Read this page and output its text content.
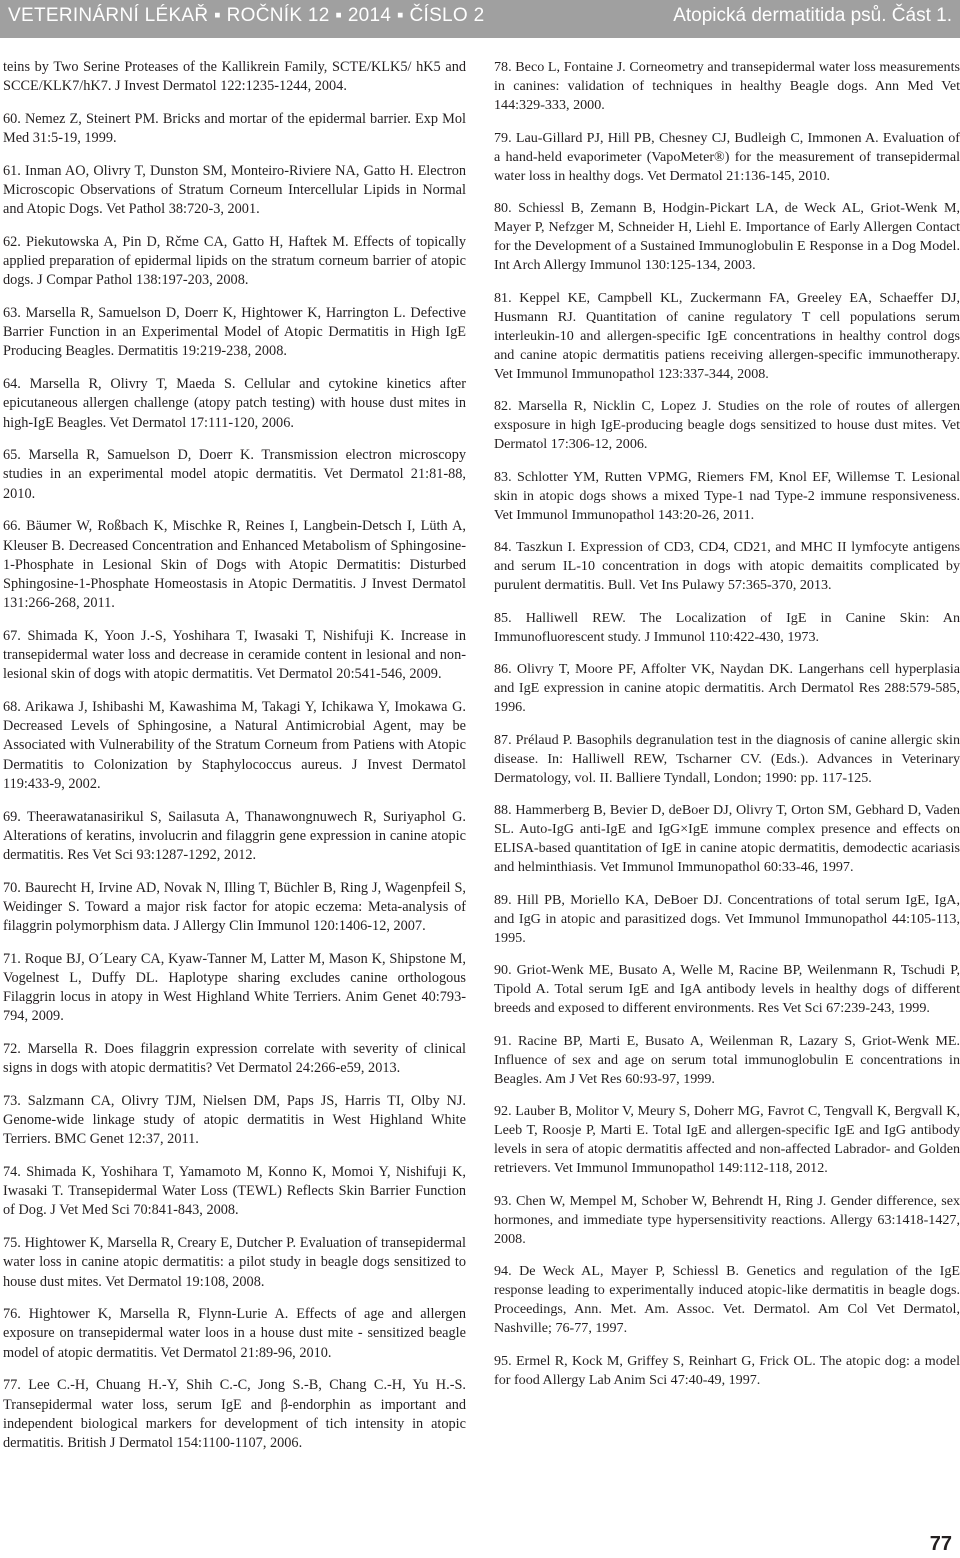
VETERINÁRNÍ LÉKAŘ ▪ ROČNÍK 12 ▪ 2014 ▪ ČÍSLO 2	Atopická dermatitida psů. Část 1.

teins by Two Serine Proteases of the Kallikrein Family, SCTE/KLK5/ hK5 and SCCE/KLK7/hK7. J Invest Dermatol 122:1235-1244, 2004.

60. Nemez Z, Steinert PM. Bricks and mortar of the epidermal barrier. Exp Mol Med 31:5-19, 1999.

61. Inman AO, Olivry T, Dunston SM, Monteiro-Riviere NA, Gatto H. Electron Microscopic Observations of Stratum Corneum Intercellular Lipids in Normal and Atopic Dogs. Vet Pathol 38:720-3, 2001.

62. Piekutowska A, Pin D, Rčme CA, Gatto H, Haftek M. Effects of topically applied preparation of epidermal lipids on the stratum corneum barrier of atopic dogs. J Compar Pathol 138:197-203, 2008.

63. Marsella R, Samuelson D, Doerr K, Hightower K, Harrington L. Defective Barrier Function in an Experimental Model of Atopic Dermatitis in High IgE Producing Beagles. Dermatitis 19:219-238, 2008.

64. Marsella R, Olivry T, Maeda S. Cellular and cytokine kinetics after epicutaneous allergen challenge (atopy patch testing) with house dust mites in high-IgE Beagles. Vet Dermatol 17:111-120, 2006.

65. Marsella R, Samuelson D, Doerr K. Transmission electron microscopy studies in an experimental model atopic dermatitis. Vet Dermatol 21:81-88, 2010.

66. Bäumer W, Roßbach K, Mischke R, Reines I, Langbein-Detsch I, Lüth A, Kleuser B. Decreased Concentration and Enhanced Metabolism of Sphingosine-1-Phosphate in Lesional Skin of Dogs with Atopic Dermatitis: Disturbed Sphingosine-1-Phosphate Homeostasis in Atopic Dermatitis. J Invest Dermatol 131:266-268, 2011.

67. Shimada K, Yoon J.-S, Yoshihara T, Iwasaki T, Nishifuji K. Increase in transepidermal water loss and decrease in ceramide content in lesional and non-lesional skin of dogs with atopic dermatitis. Vet Dermatol 20:541-546, 2009.

68. Arikawa J, Ishibashi M, Kawashima M, Takagi Y, Ichikawa Y, Imokawa G. Decreased Levels of Sphingosine, a Natural Antimicrobial Agent, may be Associated with Vulnerability of the Stratum Corneum from Patiens with Atopic Dermatitis to Colonization by Staphylococcus aureus. J Invest Dermatol 119:433-9, 2002.

69. Theerawatanasirikul S, Sailasuta A, Thanawongnuwech R, Suriyaphol G. Alterations of keratins, involucrin and filaggrin gene expression in canine atopic dermatitis. Res Vet Sci 93:1287-1292, 2012.

70. Baurecht H, Irvine AD, Novak N, Illing T, Büchler B, Ring J, Wagenpfeil S, Weidinger S. Toward a major risk factor for atopic eczema: Meta-analysis of filaggrin polymorphism data. J Allergy Clin Immunol 120:1406-12, 2007.

71. Roque BJ, O´Leary CA, Kyaw-Tanner M, Latter M, Mason K, Shipstone M, Vogelnest L, Duffy DL. Haplotype sharing excludes canine orthologous Filaggrin locus in atopy in West Highland White Terriers. Anim Genet 40:793-794, 2009.

72. Marsella R. Does filaggrin expression correlate with severity of clinical signs in dogs with atopic dermatitis? Vet Dermatol 24:266-e59, 2013.

73. Salzmann CA, Olivry TJM, Nielsen DM, Paps JS, Harris TI, Olby NJ. Genome-wide linkage study of atopic dermatitis in West Highland White Terriers. BMC Genet 12:37, 2011.

74. Shimada K, Yoshihara T, Yamamoto M, Konno K, Momoi Y, Nishifuji K, Iwasaki T. Transepidermal Water Loss (TEWL) Reflects Skin Barrier Function of Dog. J Vet Med Sci 70:841-843, 2008.

75. Hightower K, Marsella R, Creary E, Dutcher P. Evaluation of transepidermal water loss in canine atopic dermatitis: a pilot study in beagle dogs sensitized to house dust mites. Vet Dermatol 19:108, 2008.

76. Hightower K, Marsella R, Flynn-Lurie A. Effects of age and allergen exposure on transepidermal water loos in a house dust mite - sensitized beagle model of atopic dermatitis. Vet Dermatol 21:89-96, 2010.

77. Lee C.-H, Chuang H.-Y, Shih C.-C, Jong S.-B, Chang C.-H, Yu H.-S. Transepidermal water loss, serum IgE and β-endorphin as important and independent biological markers for development of tich intensity in atopic dermatitis. British J Dermatol 154:1100-1107, 2006.

78. Beco L, Fontaine J. Corneometry and transepidermal water loss measurements in canines: validation of techniques in healthy Beagle dogs. Ann Med Vet 144:329-333, 2000.

79. Lau-Gillard PJ, Hill PB, Chesney CJ, Budleigh C, Immonen A. Evaluation of a hand-held evaporimeter (VapoMeter®) for the measurement of transepidermal water loss in healthy dogs. Vet Dermatol 21:136-145, 2010.

80. Schiessl B, Zemann B, Hodgin-Pickart LA, de Weck AL, Griot-Wenk M, Mayer P, Nefzger M, Schneider H, Liehl E. Importance of Early Allergen Contact for the Development of a Sustained Immunoglobulin E Response in a Dog Model. Int Arch Allergy Immunol 130:125-134, 2003.

81. Keppel KE, Campbell KL, Zuckermann FA, Greeley EA, Schaeffer DJ, Husmann RJ. Quantitation of canine regulatory T cell populations serum interleukin-10 and allergen-specific IgE concentrations in healthy control dogs and canine atopic dermatitis patiens receiving allergen-specific immunotherapy. Vet Immunol Immunopathol 123:337-344, 2008.

82. Marsella R, Nicklin C, Lopez J. Studies on the role of routes of allergen exsposure in high IgE-producing beagle dogs sensitized to house dust mites. Vet Dermatol 17:306-12, 2006.

83. Schlotter YM, Rutten VPMG, Riemers FM, Knol EF, Willemse T. Lesional skin in atopic dogs shows a mixed Type-1 nad Type-2 immune responsiveness. Vet Immunol Immunopathol 143:20-26, 2011.

84. Taszkun I. Expression of CD3, CD4, CD21, and MHC II lymfocyte antigens and serum IL-10 concentration in dogs with atopic demaitits complicated by purulent dermatitis. Bull. Vet Ins Pulawy 57:365-370, 2013.

85. Halliwell REW. The Localization of IgE in Canine Skin: An Immunofluorescent study. J Immunol 110:422-430, 1973.

86. Olivry T, Moore PF, Affolter VK, Naydan DK. Langerhans cell hyperplasia and IgE expression in canine atopic dermatitis. Arch Dermatol Res 288:579-585, 1996.

87. Prélaud P. Basophils degranulation test in the diagnosis of canine allergic skin disease. In: Halliwell REW, Tscharner CV. (Eds.). Advances in Veterinary Dermatology, vol. II. Balliere Tyndall, London; 1990: pp. 117-125.

88. Hammerberg B, Bevier D, deBoer DJ, Olivry T, Orton SM, Gebhard D, Vaden SL. Auto-IgG anti-IgE and IgG×IgE immune complex presence and effects on ELISA-based quantitation of IgE in canine atopic dermatitis, demodectic acariasis and helminthiasis. Vet Immunol Immunopathol 60:33-46, 1997.

89. Hill PB, Moriello KA, DeBoer DJ. Concentrations of total serum IgE, IgA, and IgG in atopic and parasitized dogs. Vet Immunol Immunopathol 44:105-113, 1995.

90. Griot-Wenk ME, Busato A, Welle M, Racine BP, Weilenmann R, Tschudi P, Tipold A. Total serum IgE and IgA antibody levels in healthy dogs of different breeds and exposed to different environments. Res Vet Sci 67:239-243, 1999.

91. Racine BP, Marti E, Busato A, Weilenman R, Lazary S, Griot-Wenk ME. Influence of sex and age on serum total immunoglobulin E concentrations in Beagles. Am J Vet Res 60:93-97, 1999.

92. Lauber B, Molitor V, Meury S, Doherr MG, Favrot C, Tengvall K, Bergvall K, Leeb T, Roosje P, Marti E. Total IgE and allergen-specific IgE and IgG antibody levels in sera of atopic dermatitis affected and non-affected Labrador- and Golden retrievers. Vet Immunol Immunopathol 149:112-118, 2012.

93. Chen W, Mempel M, Schober W, Behrendt H, Ring J. Gender difference, sex hormones, and immediate type hypersensitivity reactions. Allergy 63:1418-1427, 2008.

94. De Weck AL, Mayer P, Schiessl B. Genetics and regulation of the IgE response leading to experimentally induced atopic-like dermatitis in beagle dogs. Proceedings, Ann. Met. Am. Assoc. Vet. Dermatol. Am Col Vet Dermatol, Nashville; 76-77, 1997.

95. Ermel R, Kock M, Griffey S, Reinhart G, Frick OL. The atopic dog: a model for food Allergy Lab Anim Sci 47:40-49, 1997.

77
